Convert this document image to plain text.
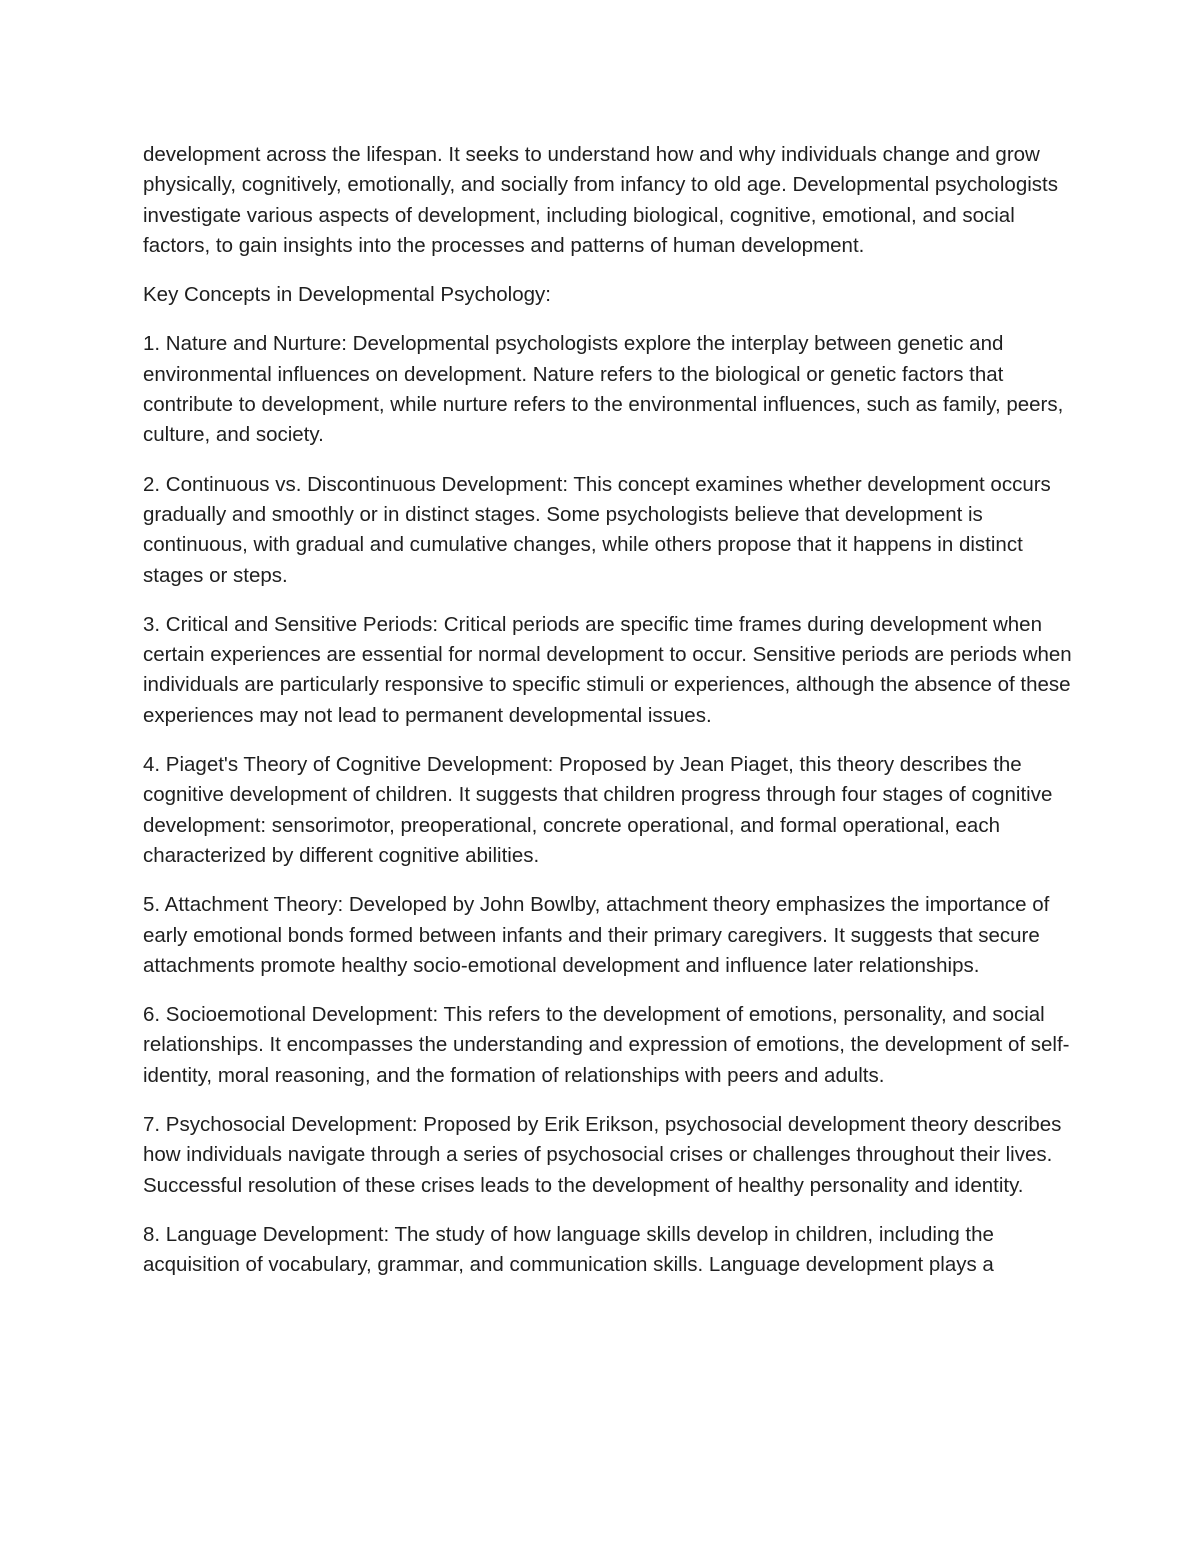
development across the lifespan. It seeks to understand how and why individuals change and grow physically, cognitively, emotionally, and socially from infancy to old age. Developmental psychologists investigate various aspects of development, including biological, cognitive, emotional, and social factors, to gain insights into the processes and patterns of human development.

Key Concepts in Developmental Psychology:

1. Nature and Nurture: Developmental psychologists explore the interplay between genetic and environmental influences on development. Nature refers to the biological or genetic factors that contribute to development, while nurture refers to the environmental influences, such as family, peers, culture, and society.

2. Continuous vs. Discontinuous Development: This concept examines whether development occurs gradually and smoothly or in distinct stages. Some psychologists believe that development is continuous, with gradual and cumulative changes, while others propose that it happens in distinct stages or steps.

3. Critical and Sensitive Periods: Critical periods are specific time frames during development when certain experiences are essential for normal development to occur. Sensitive periods are periods when individuals are particularly responsive to specific stimuli or experiences, although the absence of these experiences may not lead to permanent developmental issues.

4. Piaget's Theory of Cognitive Development: Proposed by Jean Piaget, this theory describes the cognitive development of children. It suggests that children progress through four stages of cognitive development: sensorimotor, preoperational, concrete operational, and formal operational, each characterized by different cognitive abilities.

5. Attachment Theory: Developed by John Bowlby, attachment theory emphasizes the importance of early emotional bonds formed between infants and their primary caregivers. It suggests that secure attachments promote healthy socio-emotional development and influence later relationships.

6. Socioemotional Development: This refers to the development of emotions, personality, and social relationships. It encompasses the understanding and expression of emotions, the development of self-identity, moral reasoning, and the formation of relationships with peers and adults.

7. Psychosocial Development: Proposed by Erik Erikson, psychosocial development theory describes how individuals navigate through a series of psychosocial crises or challenges throughout their lives. Successful resolution of these crises leads to the development of healthy personality and identity.

8. Language Development: The study of how language skills develop in children, including the acquisition of vocabulary, grammar, and communication skills. Language development plays a
